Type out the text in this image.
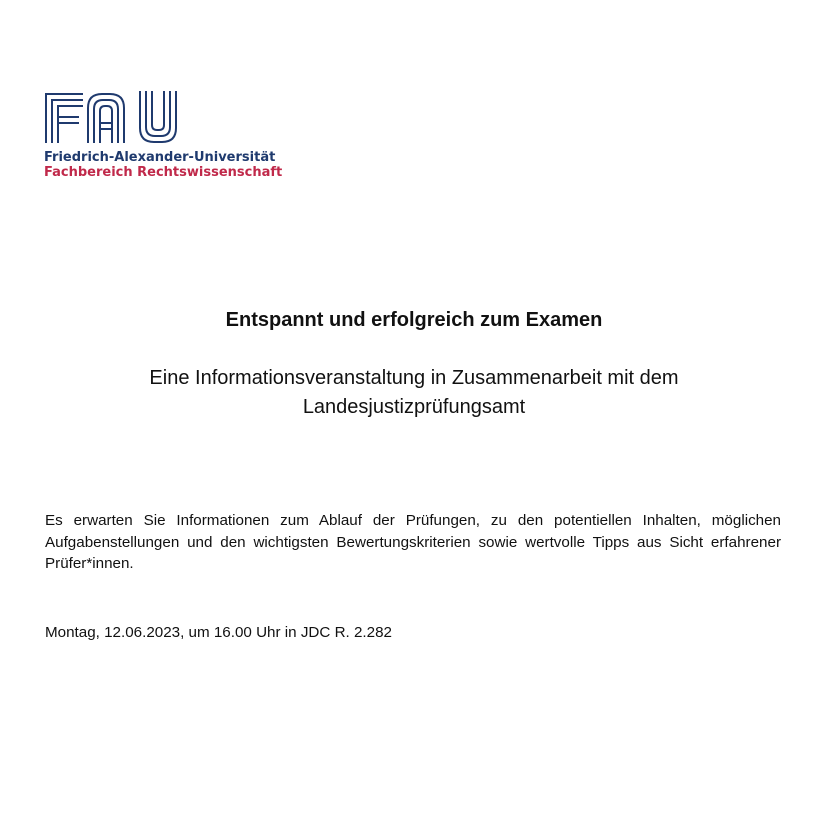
Friedrich-Alexander-Universität
Fachbereich Rechtswissenschaft
Entspannt und erfolgreich zum Examen

Eine Informationsveranstaltung in Zusammenarbeit mit dem Landesjustizprüfungsamt

Es erwarten Sie Informationen zum Ablauf der Prüfungen, zu den potentiellen Inhalten, möglichen Aufgabenstellungen und den wichtigsten Bewertungskriterien sowie wertvolle Tipps aus Sicht erfahrener Prüfer*innen.

Montag, 12.06.2023, um 16.00 Uhr in JDC R. 2.282
